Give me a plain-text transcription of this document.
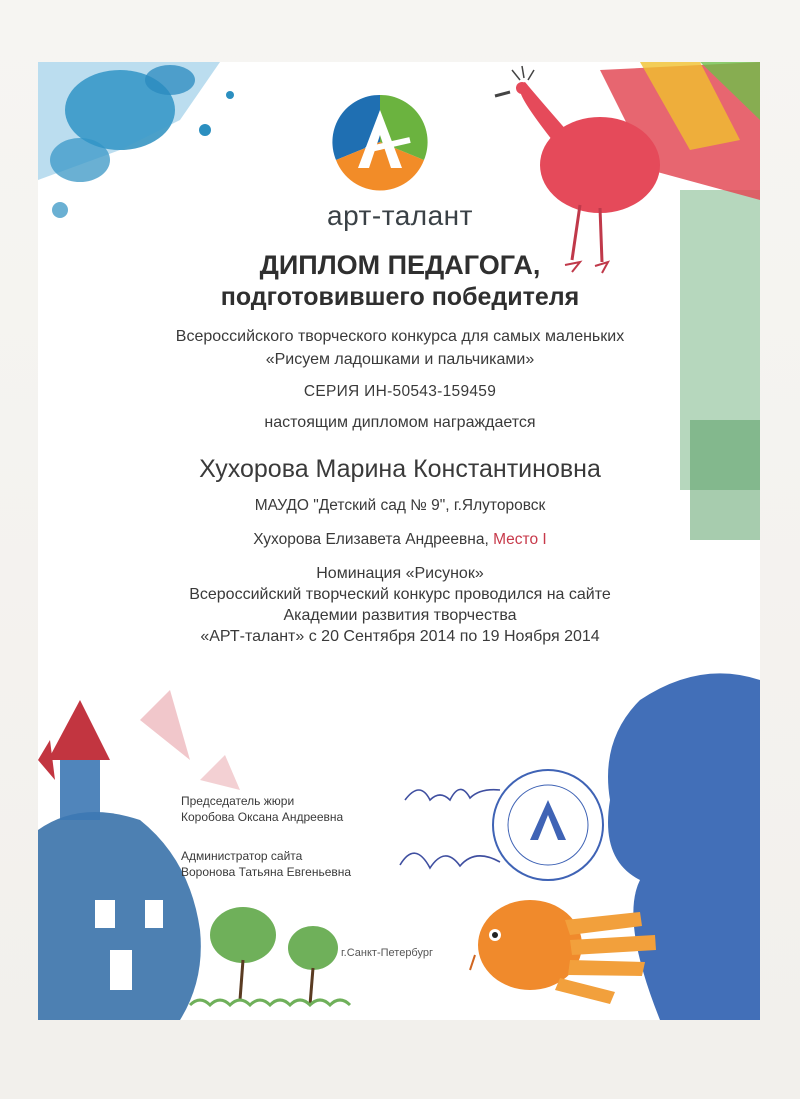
арт-талант
ДИПЛОМ ПЕДАГОГА,
подготовившего победителя
Всероссийского творческого конкурса для самых маленьких
«Рисуем ладошками и пальчиками»
СЕРИЯ ИН-50543-159459
настоящим дипломом награждается
Хухорова Марина Константиновна
МАУДО "Детский сад № 9", г.Ялуторовск
Хухорова Елизавета Андреевна, Место I
Номинация «Рисунок»
Всероссийский творческий конкурс проводился на сайте
Академии развития творчества
«АРТ-талант» с 20 Сентября 2014 по 19 Ноября 2014
Председатель жюри
Коробова Оксана Андреевна
Администратор сайта
Воронова Татьяна Евгеньевна
г.Санкт-Петербург
